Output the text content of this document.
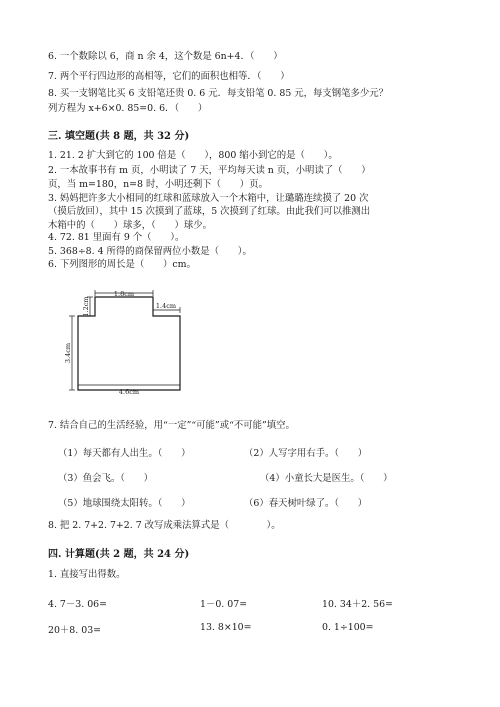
6. 一个数除以 6，商 n 余 4，这个数是 6n+4．（　　）
7. 两个平行四边形的高相等，它们的面积也相等．（　　）
8. 买一支钢笔比买 6 支铅笔还贵 0. 6 元．每支铅笔 0. 85 元，每支钢笔多少元？
列方程为 x+6×0. 85=0. 6．（　　）
三. 填空题(共 8 题，共 32 分)
1. 21. 2 扩大到它的 100 倍是（　　），800 缩小到它的是（　　）。
2. 一本故事书有 m 页，小明读了 7 天，平均每天读 n 页，小明读了（　　）
页，当 m=180，n=8 时，小明还剩下（　　）页。
3. 妈妈把许多大小相同的红球和蓝球放入一个木箱中，让璐璐连续摸了 20 次
（摸后放回），其中 15 次摸到了蓝球，5 次摸到了红球。由此我们可以推测出
木箱中的（　　）球多，（　　）球少。
4. 72. 81 里面有 9 个（　　）。
5. 368÷8. 4 所得的商保留两位小数是（　　）。
6. 下列图形的周长是（　　）cm。
1.8cm
1.2cm	1.4cm
3.4cm
4.6cm
7. 结合自己的生活经验，用“一定”“可能”或“不可能”填空。
（1）每天都有人出生。（　　）	（2）人写字用右手。（　　）
（3）鱼会飞。（　　）	（4）小童长大是医生。（　　）
（5）地球围绕太阳转。（　　）	（6）春天树叶绿了。（　　）
8. 把 2. 7+2. 7+2. 7 改写成乘法算式是（　　　　）。
四. 计算题(共 2 题，共 24 分)
1. 直接写出得数。
4. 7－3. 06=	1－0. 07=	10. 34＋2. 56=
20＋8. 03=	13. 8×10=	0. 1÷100=
